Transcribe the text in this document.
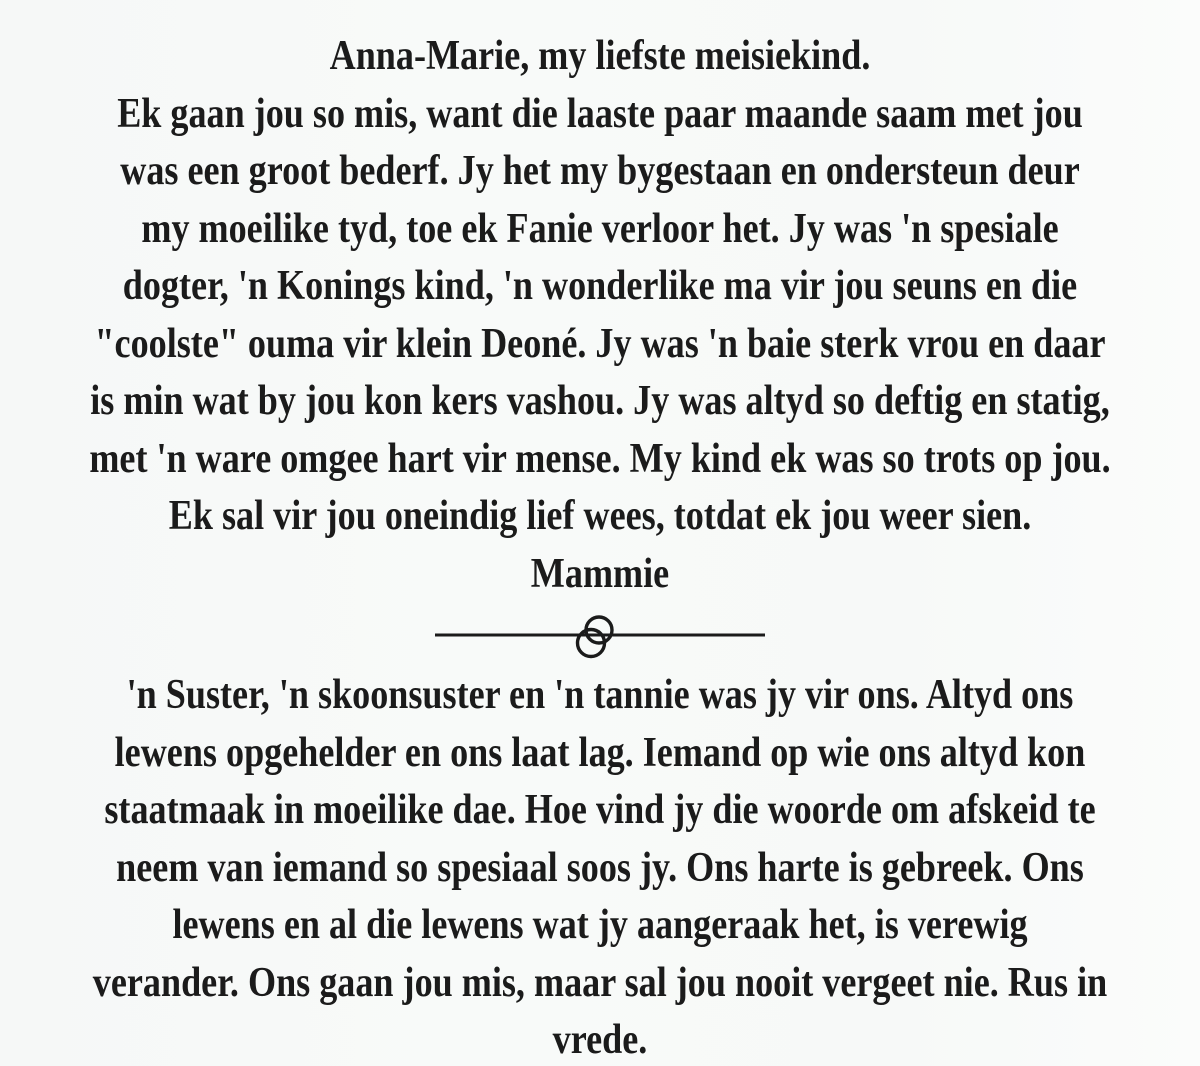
Anna-Marie, my liefste meisiekind.
Ek gaan jou so mis, want die laaste paar maande saam met jou
was een groot bederf. Jy het my bygestaan en ondersteun deur
my moeilike tyd, toe ek Fanie verloor het. Jy was 'n spesiale
dogter, 'n Konings kind, 'n wonderlike ma vir jou seuns en die
"coolste" ouma vir klein Deoné. Jy was 'n baie sterk vrou en daar
is min wat by jou kon kers vashou. Jy was altyd so deftig en statig,
met 'n ware omgee hart vir mense. My kind ek was so trots op jou.
Ek sal vir jou oneindig lief wees, totdat ek jou weer sien.
Mammie
'n Suster, 'n skoonsuster en 'n tannie was jy vir ons. Altyd ons
lewens opgehelder en ons laat lag. Iemand op wie ons altyd kon
staatmaak in moeilike dae. Hoe vind jy die woorde om afskeid te
neem van iemand so spesiaal soos jy. Ons harte is gebreek. Ons
lewens en al die lewens wat jy aangeraak het, is verewig
verander. Ons gaan jou mis, maar sal jou nooit vergeet nie. Rus in
vrede.
